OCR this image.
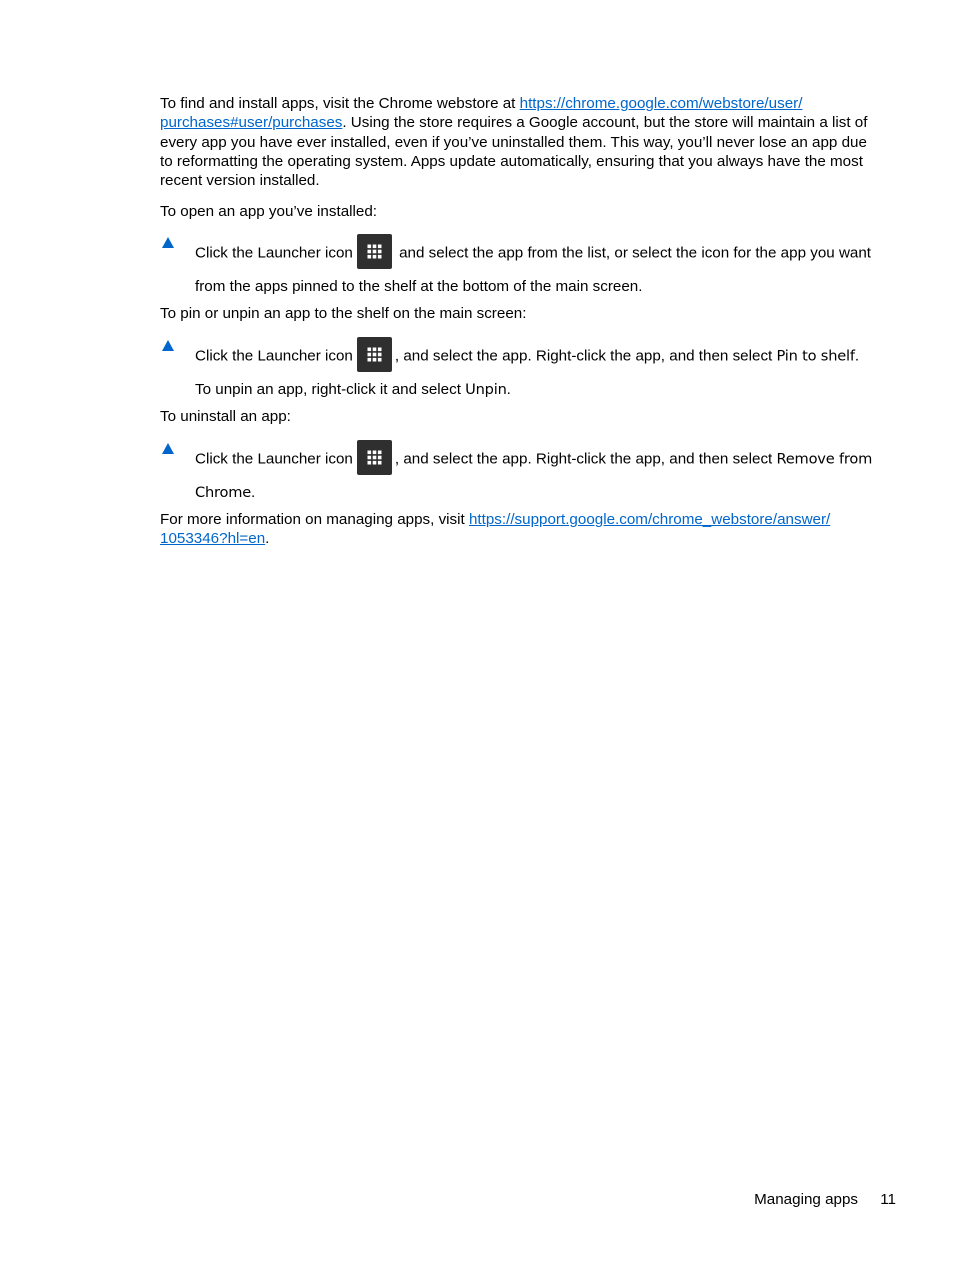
To find and install apps, visit the Chrome webstore at https://chrome.google.com/webstore/user/
purchases#user/purchases. Using the store requires a Google account, but the store will maintain a list of every app you have ever installed, even if you’ve uninstalled them. This way, you’ll never lose an app due to reformatting the operating system. Apps update automatically, ensuring that you always have the most recent version installed.

To open an app you’ve installed:

Click the Launcher icon	and select the app from the list, or select the icon for the app you want from the apps pinned to the shelf at the bottom of the main screen.

To pin or unpin an app to the shelf on the main screen:

Click the Launcher icon	, and select the app. Right-click the app, and then select Pin to shelf. To unpin an app, right-click it and select Unpin.

To uninstall an app:

Click the Launcher icon	, and select the app. Right-click the app, and then select Remove from Chrome.

For more information on managing apps, visit https://support.google.com/chrome_webstore/answer/
1053346?hl=en.

Managing apps 11
